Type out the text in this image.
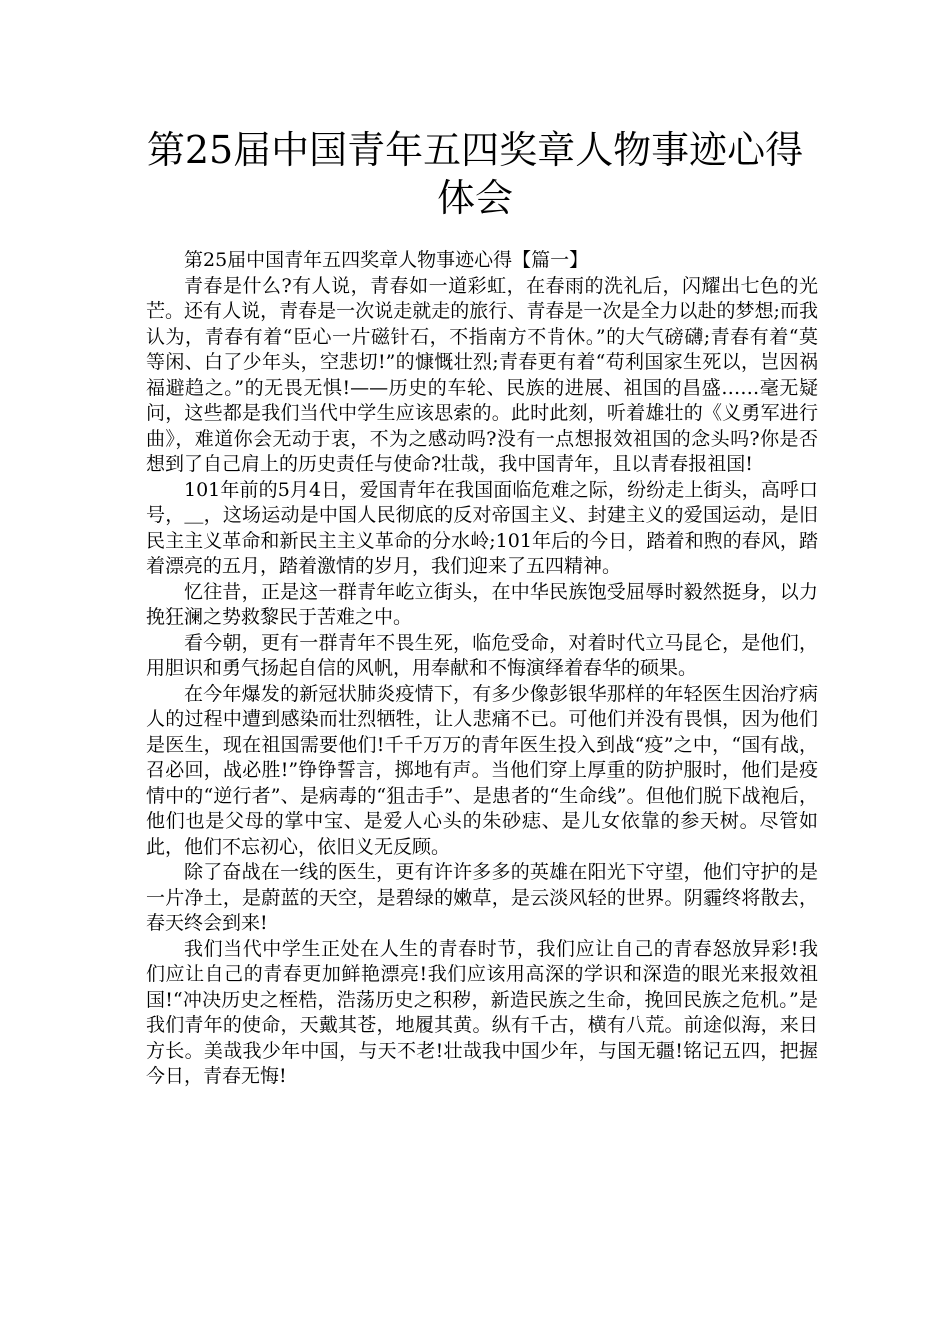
第25届中国青年五四奖章人物事迹心得体会

第25届中国青年五四奖章人物事迹心得【篇一】

青春是什么?有人说，青春如一道彩虹，在春雨的洗礼后，闪耀出七色的光芒。还有人说，青春是一次说走就走的旅行、青春是一次是全力以赴的梦想;而我认为，青春有着“臣心一片磁针石，不指南方不肯休。”的大气磅礴;青春有着“莫等闲、白了少年头，空悲切!”的慷慨壮烈;青春更有着“苟利国家生死以，岂因祸福避趋之。”的无畏无惧!——历史的车轮、民族的进展、祖国的昌盛……毫无疑问，这些都是我们当代中学生应该思索的。此时此刻，听着雄壮的《义勇军进行曲》，难道你会无动于衷，不为之感动吗?没有一点想报效祖国的念头吗?你是否想到了自己肩上的历史责任与使命?壮哉，我中国青年，且以青春报祖国!

101年前的5月4日，爱国青年在我国面临危难之际，纷纷走上街头，高呼口号，＿，这场运动是中国人民彻底的反对帝国主义、封建主义的爱国运动，是旧民主主义革命和新民主主义革命的分水岭;101年后的今日，踏着和煦的春风，踏着漂亮的五月，踏着激情的岁月，我们迎来了五四精神。

忆往昔，正是这一群青年屹立街头，在中华民族饱受屈辱时毅然挺身，以力挽狂澜之势救黎民于苦难之中。

看今朝，更有一群青年不畏生死，临危受命，对着时代立马昆仑，是他们，用胆识和勇气扬起自信的风帆，用奉献和不悔演绎着春华的硕果。

在今年爆发的新冠状肺炎疫情下，有多少像彭银华那样的年轻医生因治疗病人的过程中遭到感染而壮烈牺牲，让人悲痛不已。可他们并没有畏惧，因为他们是医生，现在祖国需要他们!千千万万的青年医生投入到战“疫”之中，“国有战，召必回，战必胜!”铮铮誓言，掷地有声。当他们穿上厚重的防护服时，他们是疫情中的“逆行者”、是病毒的“狙击手”、是患者的“生命线”。但他们脱下战袍后，他们也是父母的掌中宝、是爱人心头的朱砂痣、是儿女依靠的参天树。尽管如此，他们不忘初心，依旧义无反顾。

除了奋战在一线的医生，更有许许多多的英雄在阳光下守望，他们守护的是一片净土，是蔚蓝的天空，是碧绿的嫩草，是云淡风轻的世界。阴霾终将散去，春天终会到来!

我们当代中学生正处在人生的青春时节，我们应让自己的青春怒放异彩!我们应让自己的青春更加鲜艳漂亮!我们应该用高深的学识和深造的眼光来报效祖国!“冲决历史之桎梏，浩荡历史之积秽，新造民族之生命，挽回民族之危机。”是我们青年的使命，天戴其苍，地履其黄。纵有千古，横有八荒。前途似海，来日方长。美哉我少年中国，与天不老!壮哉我中国少年，与国无疆!铭记五四，把握今日，青春无悔!
